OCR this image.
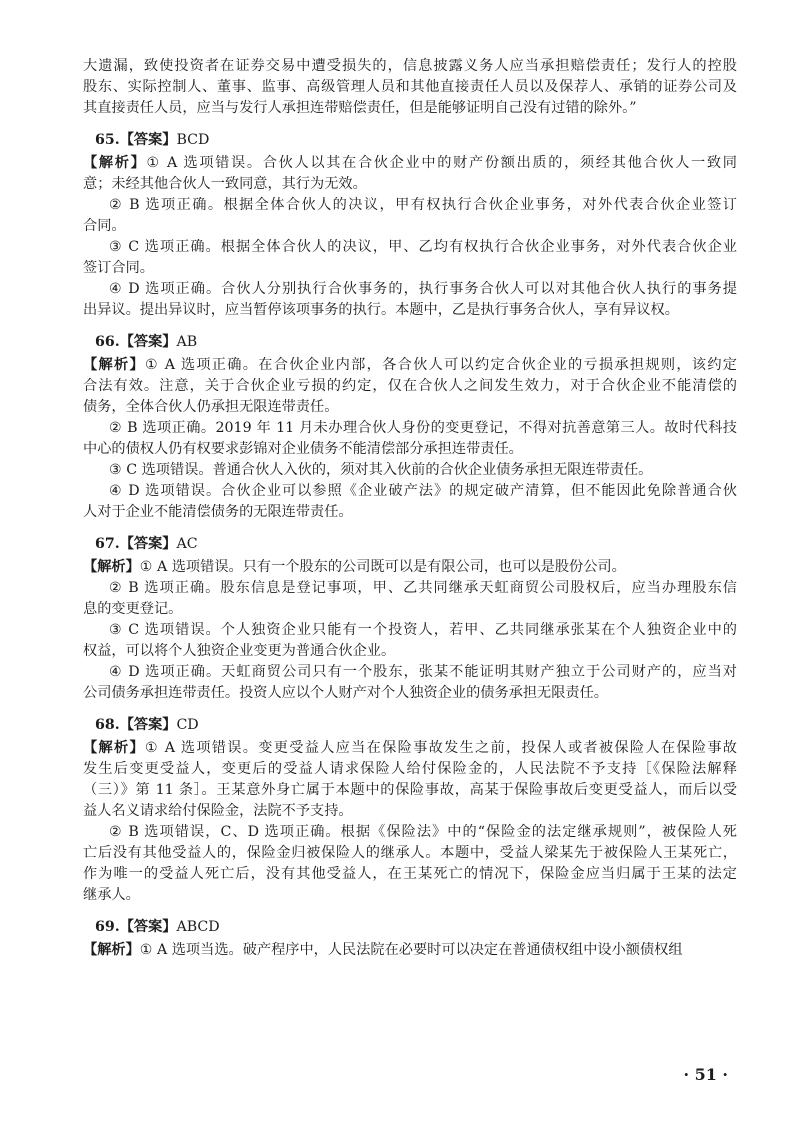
大遗漏，致使投资者在证券交易中遭受损失的，信息披露义务人应当承担赔偿责任；发行人的控股
股东、实际控制人、董事、监事、高级管理人员和其他直接责任人员以及保荐人、承销的证券公司及
其直接责任人员，应当与发行人承担连带赔偿责任，但是能够证明自己没有过错的除外。”
65.【答案】BCD
【解析】① A 选项错误。合伙人以其在合伙企业中的财产份额出质的，须经其他合伙人一致同
意；未经其他合伙人一致同意，其行为无效。
② B 选项正确。根据全体合伙人的决议，甲有权执行合伙企业事务，对外代表合伙企业签订
合同。
③ C 选项正确。根据全体合伙人的决议，甲、乙均有权执行合伙企业事务，对外代表合伙企业
签订合同。
④ D 选项正确。合伙人分别执行合伙事务的，执行事务合伙人可以对其他合伙人执行的事务提
出异议。提出异议时，应当暂停该项事务的执行。本题中，乙是执行事务合伙人，享有异议权。
66.【答案】AB
【解析】① A 选项正确。在合伙企业内部，各合伙人可以约定合伙企业的亏损承担规则，该约定
合法有效。注意，关于合伙企业亏损的约定，仅在合伙人之间发生效力，对于合伙企业不能清偿的
债务，全体合伙人仍承担无限连带责任。
② B 选项正确。2019 年 11 月未办理合伙人身份的变更登记，不得对抗善意第三人。故时代科技
中心的债权人仍有权要求彭锦对企业债务不能清偿部分承担连带责任。
③ C 选项错误。普通合伙人入伙的，须对其入伙前的合伙企业债务承担无限连带责任。
④ D 选项错误。合伙企业可以参照《企业破产法》的规定破产清算，但不能因此免除普通合伙
人对于企业不能清偿债务的无限连带责任。
67.【答案】AC
【解析】① A 选项错误。只有一个股东的公司既可以是有限公司，也可以是股份公司。
② B 选项正确。股东信息是登记事项，甲、乙共同继承天虹商贸公司股权后，应当办理股东信
息的变更登记。
③ C 选项错误。个人独资企业只能有一个投资人，若甲、乙共同继承张某在个人独资企业中的
权益，可以将个人独资企业变更为普通合伙企业。
④ D 选项正确。天虹商贸公司只有一个股东，张某不能证明其财产独立于公司财产的，应当对
公司债务承担连带责任。投资人应以个人财产对个人独资企业的债务承担无限责任。
68.【答案】CD
【解析】① A 选项错误。变更受益人应当在保险事故发生之前，投保人或者被保险人在保险事故
发生后变更受益人，变更后的受益人请求保险人给付保险金的，人民法院不予支持［《保险法解释
（三）》第 11 条］。王某意外身亡属于本题中的保险事故，高某于保险事故后变更受益人，而后以受
益人名义请求给付保险金，法院不予支持。
② B 选项错误，C、D 选项正确。根据《保险法》中的“保险金的法定继承规则”，被保险人死
亡后没有其他受益人的，保险金归被保险人的继承人。本题中，受益人梁某先于被保险人王某死亡，
作为唯一的受益人死亡后，没有其他受益人，在王某死亡的情况下，保险金应当归属于王某的法定
继承人。
69.【答案】ABCD
【解析】① A 选项当选。破产程序中，人民法院在必要时可以决定在普通债权组中设小额债权组
· 51 ·
